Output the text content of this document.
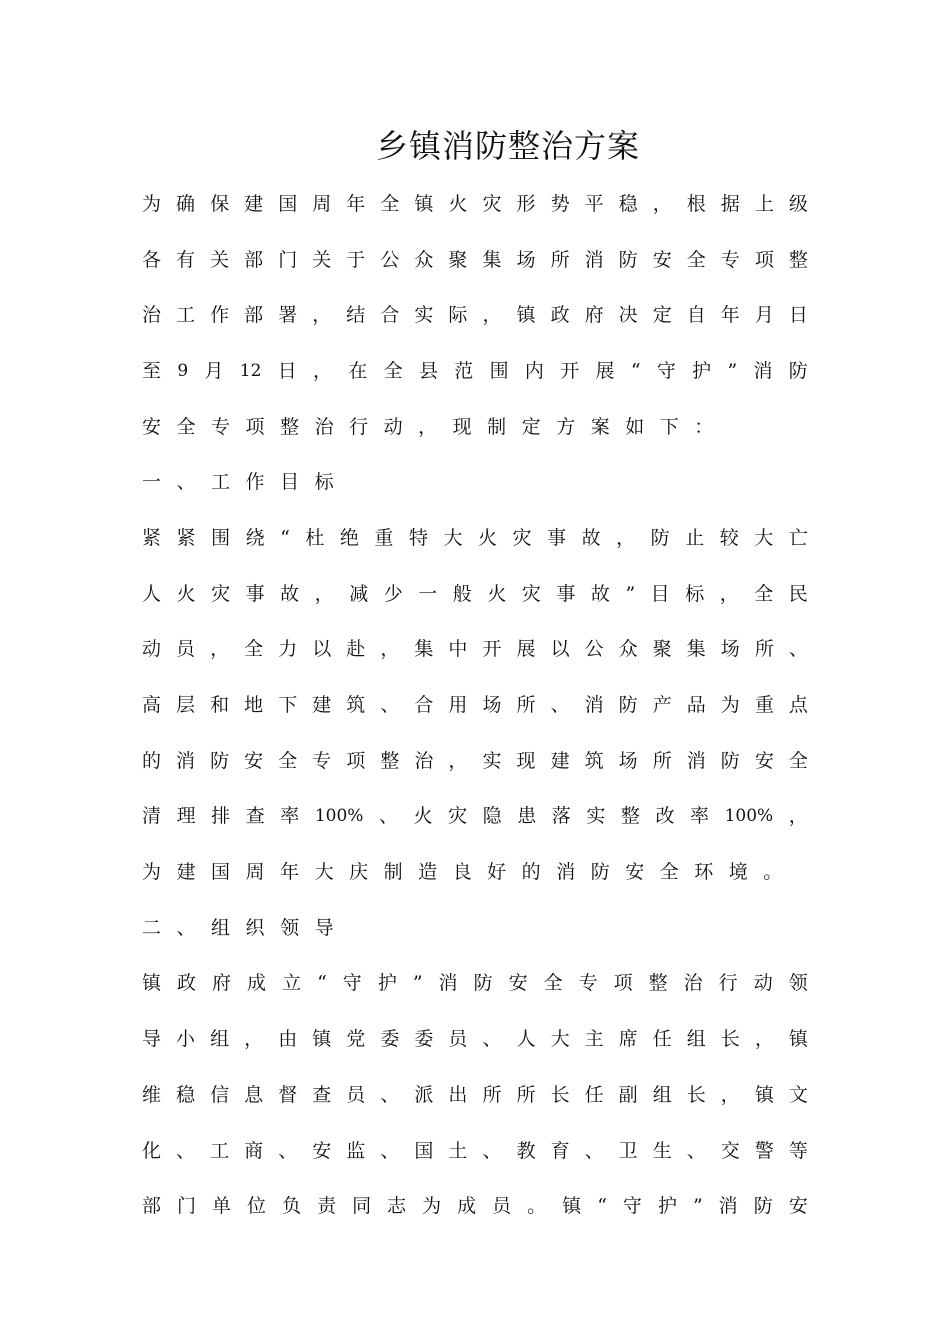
乡镇消防整治方案
为 确 保 建 国 周 年 全 镇 火 灾 形 势 平 稳 ， 根 据 上 级
各 有 关 部 门 关 于 公 众 聚 集 场 所 消 防 安 全 专 项 整
治 工 作 部 署 ， 结 合 实 际 ， 镇 政 府 决 定 自 年 月 日
至 9 月 12 日 ， 在 全 县 范 围 内 开 展 “ 守 护 ” 消 防
安 全 专 项 整 治 行 动 ， 现 制 定 方 案 如 下 ：
一 、 工 作 目 标
紧 紧 围 绕 “ 杜 绝 重 特 大 火 灾 事 故 ， 防 止 较 大 亡
人 火 灾 事 故 ， 减 少 一 般 火 灾 事 故 ” 目 标 ， 全 民
动 员 ， 全 力 以 赴 ， 集 中 开 展 以 公 众 聚 集 场 所 、
高 层 和 地 下 建 筑 、 合 用 场 所 、 消 防 产 品 为 重 点
的 消 防 安 全 专 项 整 治 ， 实 现 建 筑 场 所 消 防 安 全
清 理 排 查 率 100% 、 火 灾 隐 患 落 实 整 改 率 100% ，
为 建 国 周 年 大 庆 制 造 良 好 的 消 防 安 全 环 境 。
二 、 组 织 领 导
镇 政 府 成 立 “ 守 护 ” 消 防 安 全 专 项 整 治 行 动 领
导 小 组 ， 由 镇 党 委 委 员 、 人 大 主 席 任 组 长 ， 镇
维 稳 信 息 督 查 员 、 派 出 所 所 长 任 副 组 长 ， 镇 文
化 、 工 商 、 安 监 、 国 土 、 教 育 、 卫 生 、 交 警 等
部 门 单 位 负 责 同 志 为 成 员 。 镇 “ 守 护 ” 消 防 安
